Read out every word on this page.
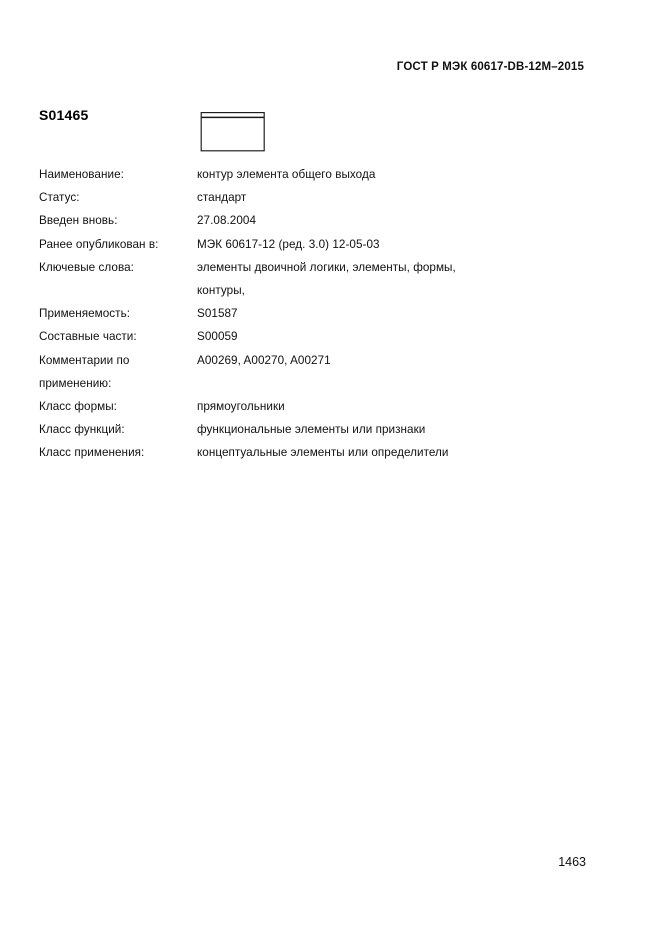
ГОСТ Р МЭК 60617-DB-12M–2015
S01465
Наименование:	контур элемента общего выхода
Статус:	стандарт
Введен вновь:	27.08.2004
Ранее опубликован в:	МЭК 60617-12 (ред. 3.0) 12-05-03
Ключевые слова:	элементы двоичной логики, элементы, формы,
	контуры,
Применяемость:	S01587
Составные части:	S00059
Комментарии по	A00269, A00270, A00271
применению:	
Класс формы:	прямоугольники
Класс функций:	функциональные элементы или признаки
Класс применения:	концептуальные элементы или определители
1463
